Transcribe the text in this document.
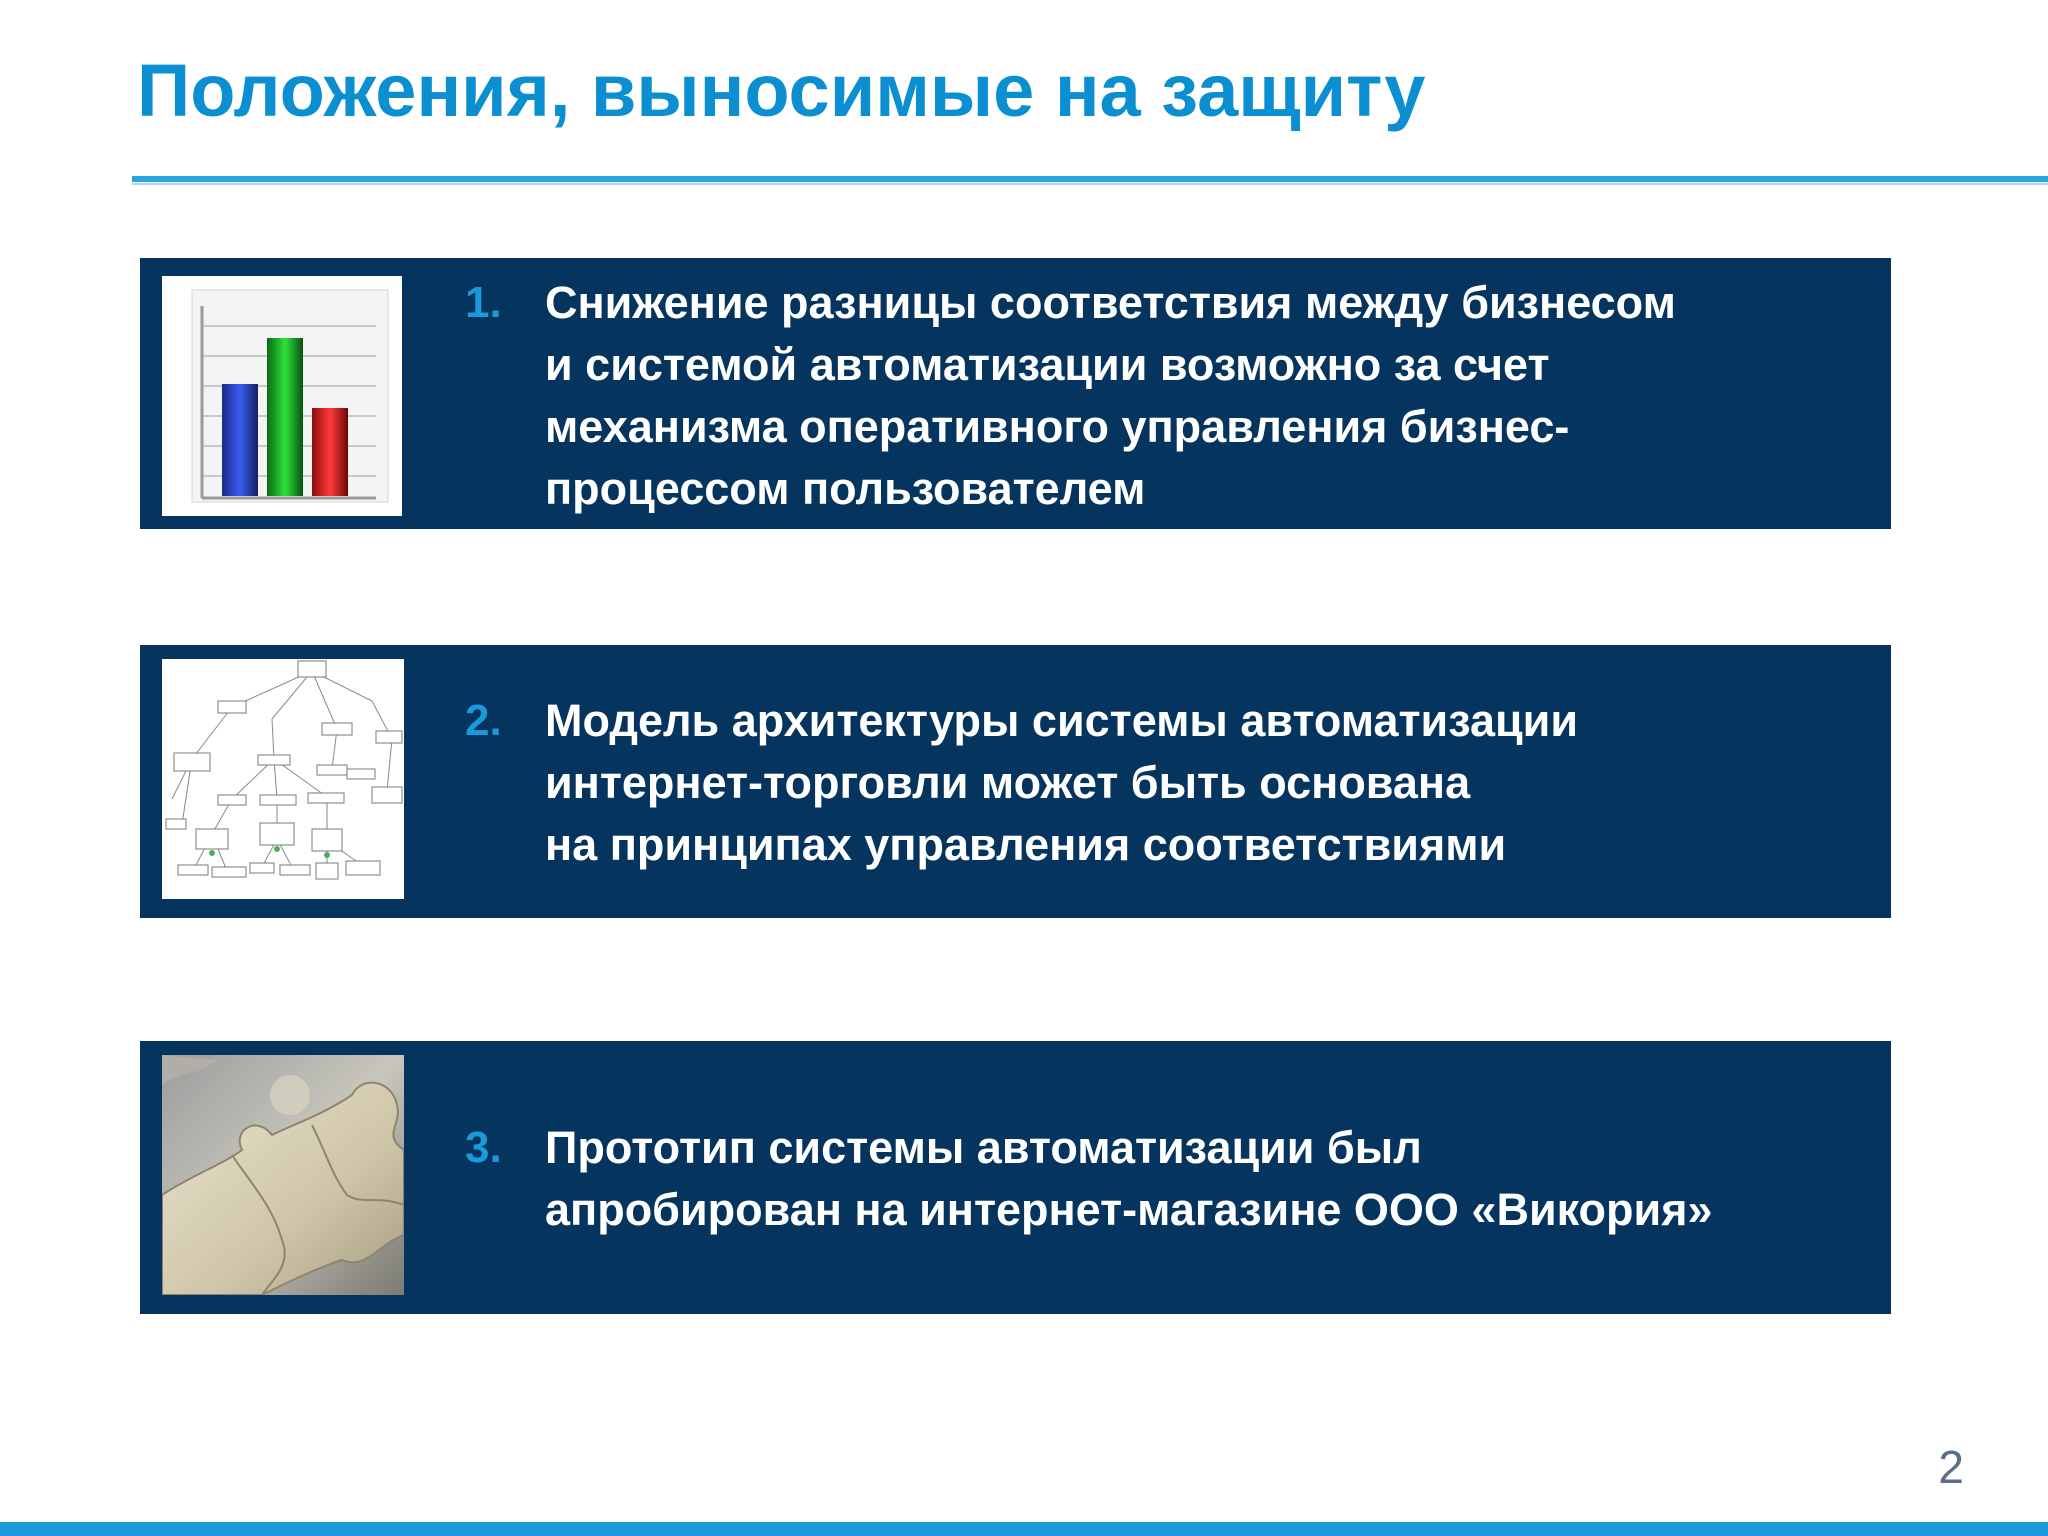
Положения, выносимые на защиту
1. Снижение разницы соответствия между бизнесом
и системой автоматизации возможно за счет
механизма оперативного управления бизнес-
процессом пользователем
2. Модель архитектуры системы автоматизации
интернет-торговли может быть основана
на принципах управления соответствиями
3. Прототип системы автоматизации был
апробирован на интернет-магазине ООО «Викория»
2
